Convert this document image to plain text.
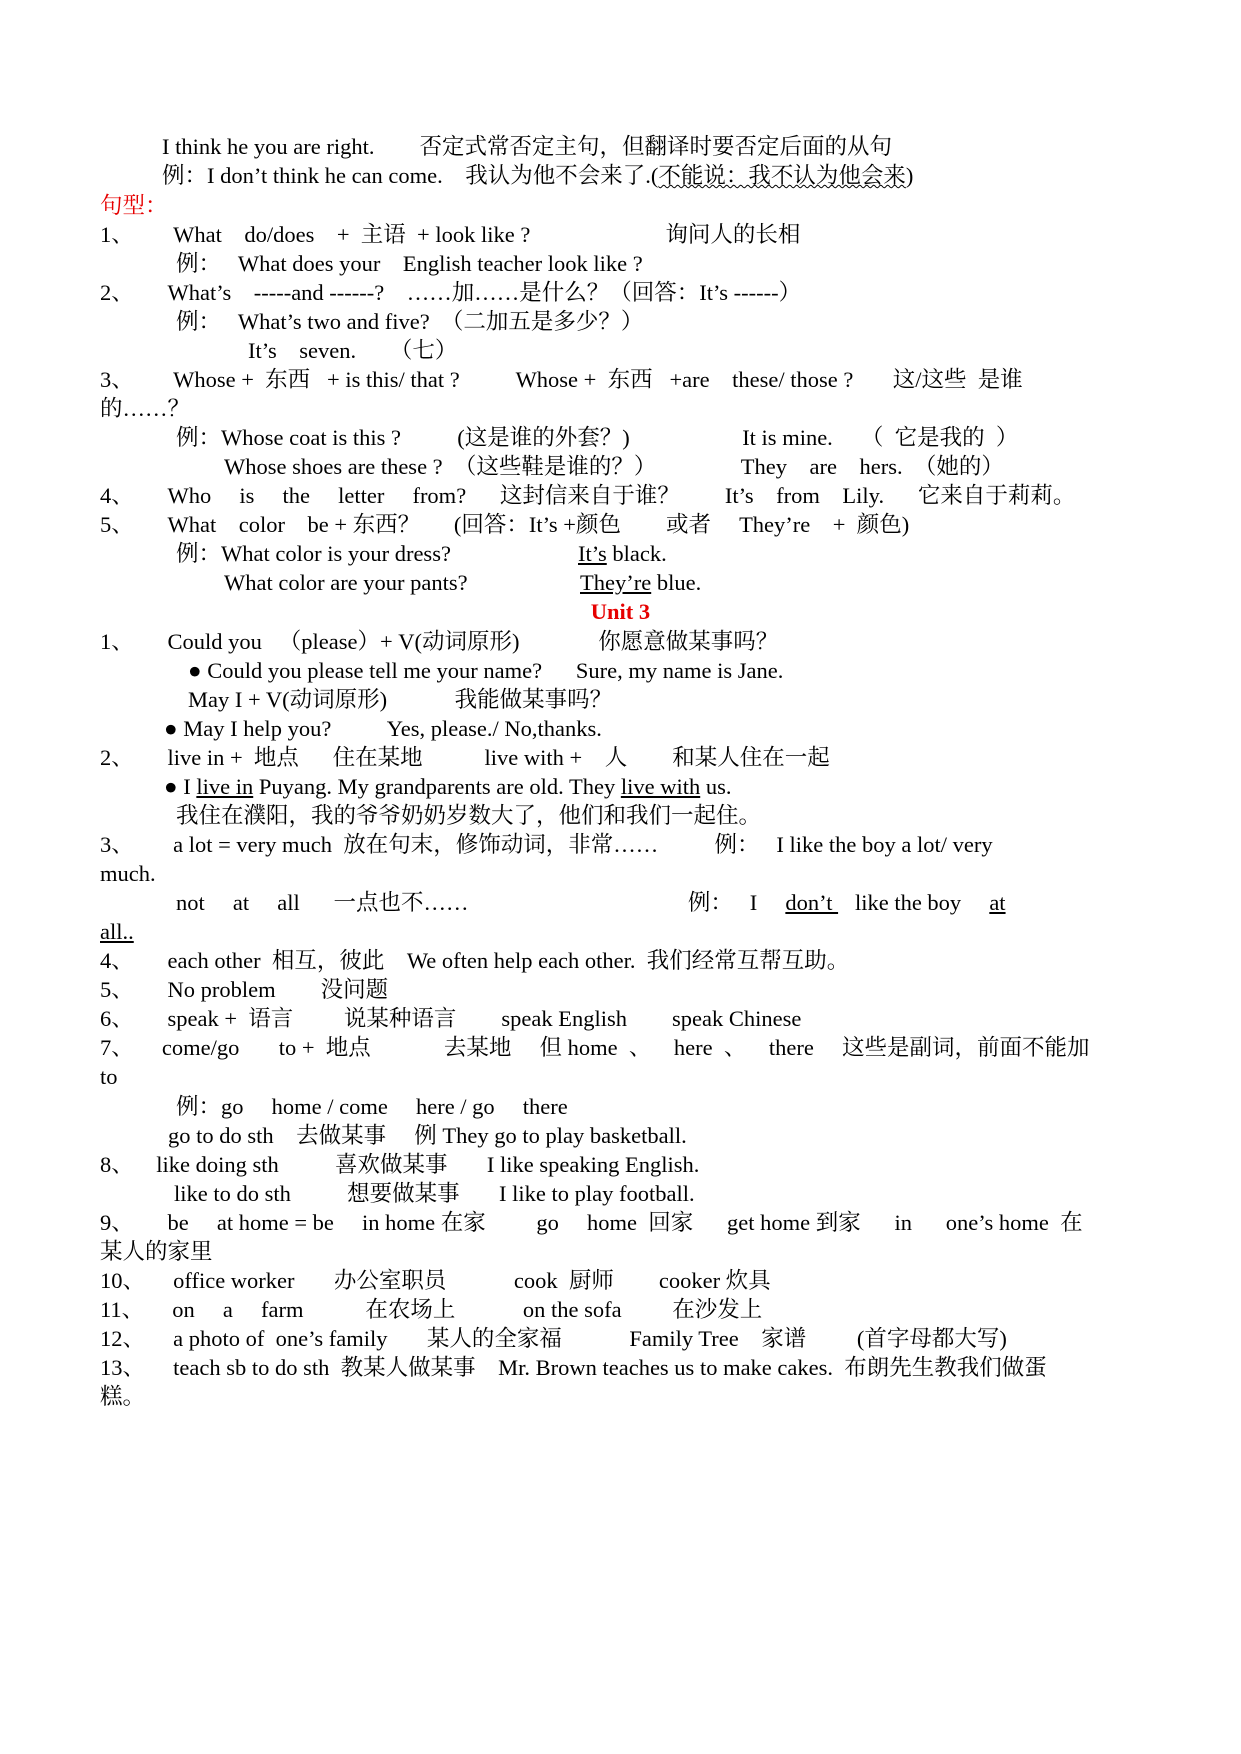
I think he you are right.        否定式常否定主句，但翻译时要否定后面的从句
例：I don’t think he can come.    我认为他不会来了.(不能说：我不认为他会来)
句型：
1、       What    do/does    +  主语  + look like ?                        询问人的长相
例：   What does your    English teacher look like ?
2、      What’s    -----and ------?    ……加……是什么？（回答：It’s ------）
例：   What’s two and five?  （二加五是多少？）
It’s    seven.      （七）
3、       Whose +  东西   + is this/ that ?          Whose +  东西   +are    these/ those ?       这/这些  是谁
的……？
例：Whose coat is this ?          (这是谁的外套？)                    It is mine.     （  它是我的  ）
Whose shoes are these ?  （这些鞋是谁的？）               They    are    hers.  （她的）
4、      Who     is     the     letter     from?      这封信来自于谁？        It’s    from    Lily.      它来自于莉莉。
5、      What    color    be + 东西？      (回答：It’s +颜色        或者     They’re    +  颜色)
例：What color is your dress?	It’s black.
What color are your pants?	They’re blue.
Unit 3
1、      Could you   （please）+ V(动词原形)              你愿意做某事吗？
● Could you please tell me your name?      Sure, my name is Jane.
May I + V(动词原形)            我能做某事吗？
● May I help you?          Yes, please./ No,thanks.
2、      live in +  地点      住在某地           live with +    人        和某人住在一起
● I live in Puyang. My grandparents are old. They live with us.
我住在濮阳，我的爷爷奶奶岁数大了，他们和我们一起住。
3、       a lot = very much  放在句末，修饰动词，非常……          例：   I like the boy a lot/ very
much.
not     at     all      一点也不……                                       例：   I     don’t    like the boy     at
all..
4、      each other  相互，彼此    We often help each other.  我们经常互帮互助。
5、      No problem        没问题
6、      speak +  语言         说某种语言        speak English        speak Chinese
7、     come/go       to +  地点             去某地     但 home  、    here  、    there     这些是副词，前面不能加
to
例：go     home / come     here / go     there
go to do sth    去做某事     例 They go to play basketball.
8、    like doing sth          喜欢做某事       I like speaking English.
like to do sth          想要做某事       I like to play football.
9、      be     at home = be     in home 在家         go     home  回家      get home 到家      in      one’s home  在
某人的家里
10、     office worker       办公室职员            cook  厨师        cooker 炊具
11、     on     a     farm           在农场上            on the sofa         在沙发上
12、     a photo of  one’s family       某人的全家福            Family Tree    家谱         (首字母都大写)
13、     teach sb to do sth  教某人做某事    Mr. Brown teaches us to make cakes.  布朗先生教我们做蛋
糕。
